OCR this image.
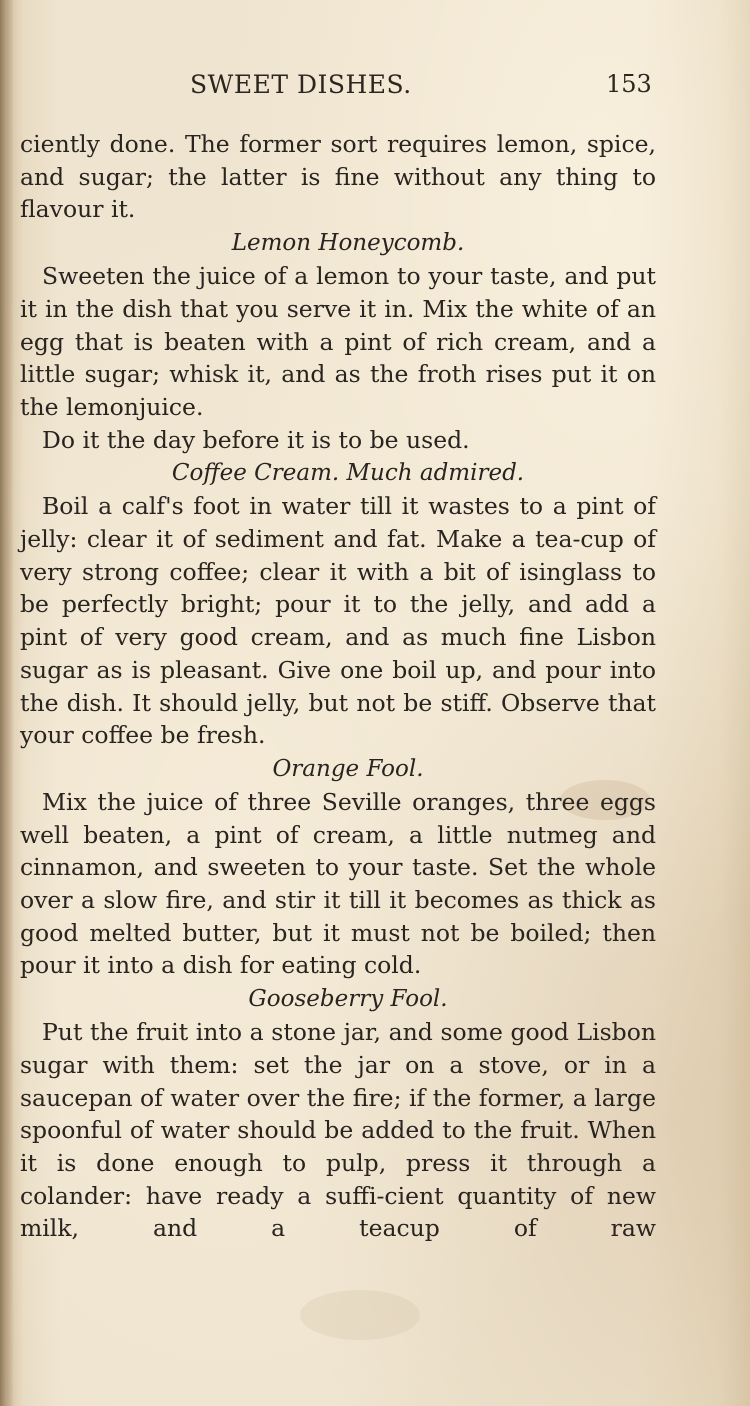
SWEET DISHES.	153

ciently done. The former sort requires lemon, spice, and sugar; the latter is fine without any thing to flavour it.

Lemon Honeycomb.

Sweeten the juice of a lemon to your taste, and put it in the dish that you serve it in. Mix the white of an egg that is beaten with a pint of rich cream, and a little sugar; whisk it, and as the froth rises put it on the lemonjuice.

Do it the day before it is to be used.

Coffee Cream. Much admired.

Boil a calf's foot in water till it wastes to a pint of jelly: clear it of sediment and fat. Make a tea-cup of very strong coffee; clear it with a bit of isinglass to be perfectly bright; pour it to the jelly, and add a pint of very good cream, and as much fine Lisbon sugar as is pleasant. Give one boil up, and pour into the dish. It should jelly, but not be stiff. Observe that your coffee be fresh.

Orange Fool.

Mix the juice of three Seville oranges, three eggs well beaten, a pint of cream, a little nutmeg and cinnamon, and sweeten to your taste. Set the whole over a slow fire, and stir it till it becomes as thick as good melted butter, but it must not be boiled; then pour it into a dish for eating cold.

Gooseberry Fool.

Put the fruit into a stone jar, and some good Lisbon sugar with them: set the jar on a stove, or in a saucepan of water over the fire; if the former, a large spoonful of water should be added to the fruit. When it is done enough to pulp, press it through a colander: have ready a suffi-cient quantity of new milk, and a teacup of raw
